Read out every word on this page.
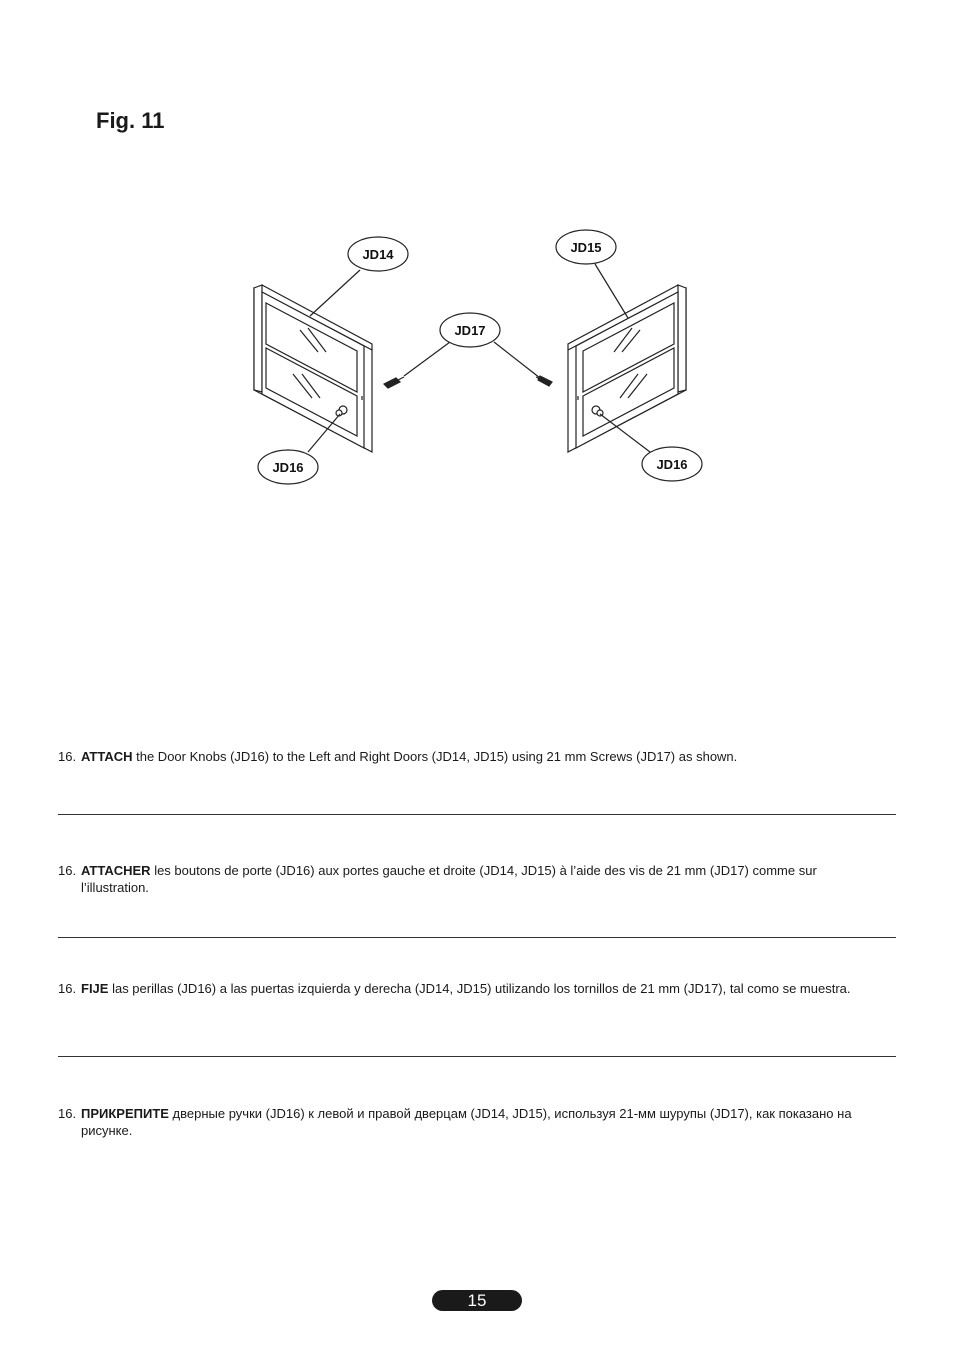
Fig. 11
JD14	JD15
JD17
JD16	JD16
16. ATTACH the Door Knobs (JD16) to the Left and Right Doors (JD14, JD15) using 21 mm Screws (JD17) as shown.
16. ATTACHER les boutons de porte (JD16) aux portes gauche et droite (JD14, JD15) à l’aide des vis de 21 mm (JD17) comme sur l’illustration.
16. FIJE las perillas (JD16) a las puertas izquierda y derecha (JD14, JD15) utilizando los tornillos de 21 mm (JD17), tal como se muestra.
16. ПРИКРЕПИТЕ дверные ручки (JD16) к левой и правой дверцам (JD14, JD15), используя 21-мм шурупы (JD17), как показано на рисунке.
15
